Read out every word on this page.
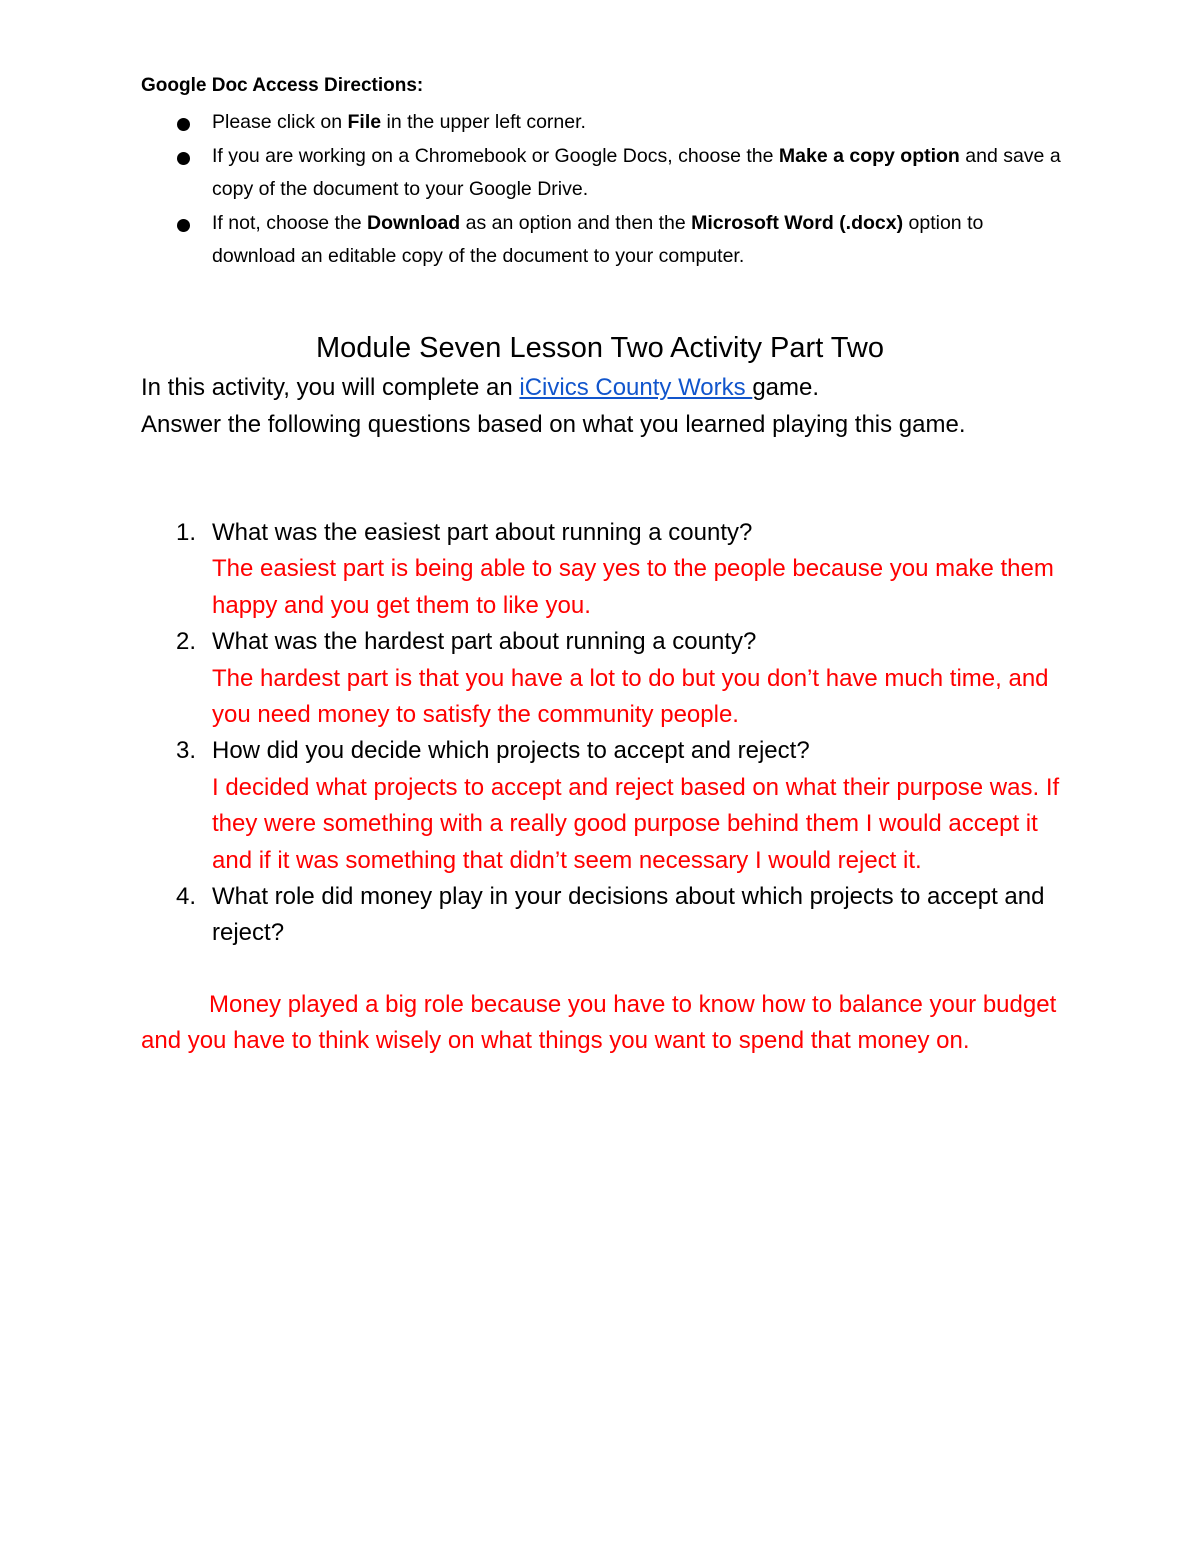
Google Doc Access Directions:

Please click on File in the upper left corner.
If you are working on a Chromebook or Google Docs, choose the Make a copy option and save a copy of the document to your Google Drive.
If not, choose the Download as an option and then the Microsoft Word (.docx) option to download an editable copy of the document to your computer.
Module Seven Lesson Two Activity Part Two

In this activity, you will complete an iCivics County Works game.
Answer the following questions based on what you learned playing this game.

1. What was the easiest part about running a county?
The easiest part is being able to say yes to the people because you make them happy and you get them to like you.
2. What was the hardest part about running a county?
The hardest part is that you have a lot to do but you don’t have much time, and you need money to satisfy the community people.
3. How did you decide which projects to accept and reject?
I decided what projects to accept and reject based on what their purpose was. If they were something with a really good purpose behind them I would accept it and if it was something that didn’t seem necessary I would reject it.
4. What role did money play in your decisions about which projects to accept and reject?

Money played a big role because you have to know how to balance your budget and you have to think wisely on what things you want to spend that money on.
